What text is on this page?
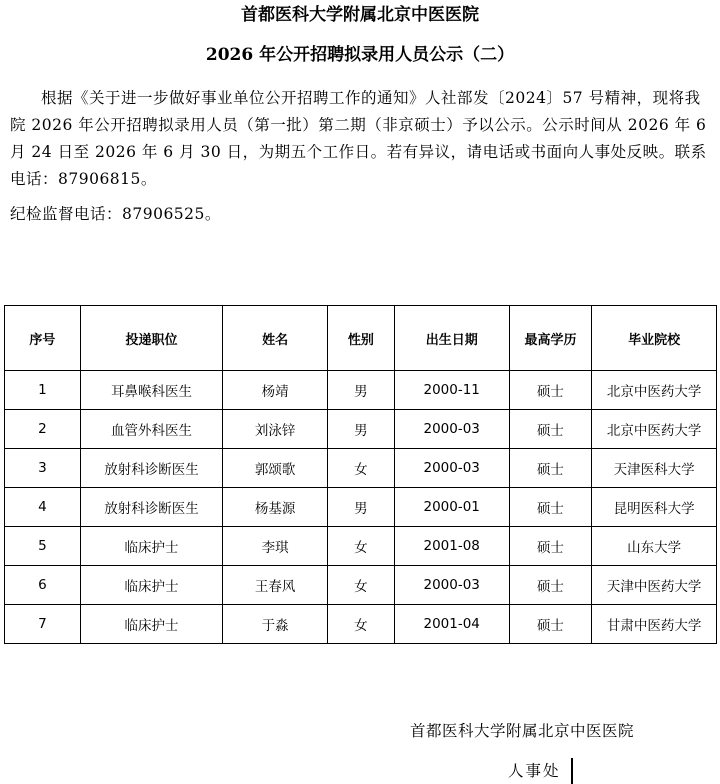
首都医科大学附属北京中医医院
2026 年公开招聘拟录用人员公示（二）

根据《关于进一步做好事业单位公开招聘工作的通知》人社部发〔2024〕57 号精神，现将我院 2026 年公开招聘拟录用人员（第一批）第二期（非京硕士）予以公示。公示时间从 2026 年 6 月 24 日至 2026 年 6 月 30 日，为期五个工作日。若有异议，请电话或书面向人事处反映。联系电话：87906815。

纪检监督电话：87906525。

序号	投递职位	姓名	性别	出生日期	最高学历	毕业院校
1	耳鼻喉科医生	杨靖	男	2000-11	硕士	北京中医药大学
2	血管外科医生	刘泳锌	男	2000-03	硕士	北京中医药大学
3	放射科诊断医生	郭颂歌	女	2000-03	硕士	天津医科大学
4	放射科诊断医生	杨基源	男	2000-01	硕士	昆明医科大学
5	临床护士	李琪	女	2001-08	硕士	山东大学
6	临床护士	王春风	女	2000-03	硕士	天津中医药大学
7	临床护士	于淼	女	2001-04	硕士	甘肃中医药大学
首都医科大学附属北京中医医院
人事处
